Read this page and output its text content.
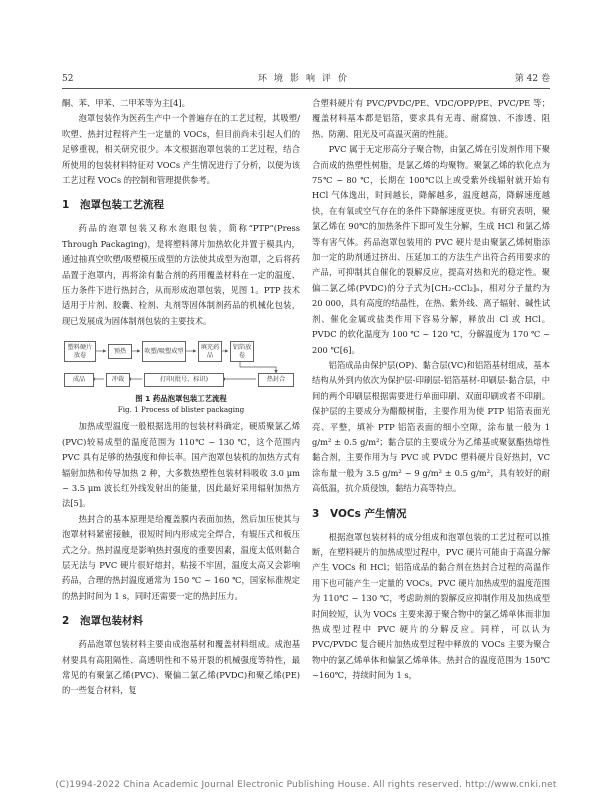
52	环境影响评价	第 42 卷

酮、苯、甲苯、二甲苯等为主[4]。

泡罩包装作为医药生产中一个普遍存在的工艺过程，其吸塑/吹塑、热封过程将产生一定量的 VOCs，但目前尚未引起人们的足够重视，相关研究很少。本文根据泡罩包装的工艺过程，结合所使用的包装材料特征对 VOCs 产生情况进行了分析，以便为该工艺过程 VOCs 的控制和管理提供参考。

1 泡罩包装工艺流程

药品的泡罩包装又称水泡眼包装，简称“PTP”(Press Through Packaging)，是将塑料薄片加热软化并置于模具内，通过抽真空吹塑/吸塑模压成型的方法使其成型为泡罩，之后将药品置于泡罩内，再将涂有黏合剂的药用覆盖材料在一定的温度、压力条件下进行热封合，从而形成泡罩包装，见图 1。PTP 技术适用于片剂、胶囊、栓剂、丸剂等固体制剂药品的机械化包装，现已发展成为固体制剂包装的主要技术。

塑料硬片放卷
预热	吹塑/吸塑成型
填充药品
铝箔放卷
成品	冲裁	打印(批号、标识)	热封合
图 1 药品泡罩包装工艺流程
Fig. 1 Process of blister packaging

加热成型温度一般根据选用的包装材料确定，硬质聚氯乙烯(PVC)较易成型的温度范围为 110℃ ~ 130 ℃，这个范围内 PVC 具有足够的热强度和伸长率。国产泡罩包装机的加热方式有辐射加热和传导加热 2 种，大多数热塑性包装材料吸收 3.0 μm ~ 3.5 μm 波长红外线发射出的能量，因此最好采用辐射加热方法[5]。

热封合的基本原理是给覆盖膜内表面加热，然后加压使其与泡罩材料紧密接触，很短时间内形成完全焊合，有辊压式和板压式之分。热封温度是影响热封强度的重要因素，温度太低则黏合层无法与 PVC 硬片很好熔封，粘接不牢固，温度太高又会影响药品，合理的热封温度通常为 150 ℃ ~ 160 ℃，国家标准规定的热封时间为 1 s，同时还需要一定的热封压力。

2 泡罩包装材料

药品泡罩包装材料主要由成泡基材和覆盖材料组成。成泡基材要具有高阻隔性、高透明性和不易开裂的机械强度等特性，最常见的有聚氯乙烯(PVC)、聚偏二氯乙烯(PVDC)和聚乙烯(PE)的一些复合材料，复

合塑料硬片有 PVC/PVDC/PE、VDC/OPP/PE、PVC/PE 等；覆盖材料基本都是铝箔，要求具有无毒、耐腐蚀、不渗透、阻热、防潮、阻光及可高温灭菌的性能。

PVC 属于无定形高分子聚合物，由氯乙烯在引发剂作用下聚合而成的热塑性树脂，是氯乙烯的均聚物。聚氯乙烯的软化点为 75℃ ~ 80 ℃，长期在 100℃以上或受紫外线辐射就开始有 HCl 气体逸出，时间越长，降解越多，温度越高，降解速度越快，在有氧或空气存在的条件下降解速度更快。有研究表明，聚氯乙烯在 90℃的加热条件下即可发生分解，生成 HCl 和氯乙烯等有害气体。药品泡罩包装用的 PVC 硬片是由聚氯乙烯树脂添加一定的助剂通过挤出、压延加工的方法生产出符合药用要求的产品，可抑制其自催化的裂解反应，提高对热和光的稳定性。聚偏二氯乙烯(PVDC)的分子式为[CH₂-CCl₂]ₙ，相对分子量约为 20 000，具有高度的结晶性，在热、紫外线、离子辐射、碱性试剂、催化金属或盐类作用下容易分解，释放出 Cl 或 HCl。PVDC 的软化温度为 100 ℃ ~ 120 ℃，分解温度为 170 ℃ ~ 200 ℃[6]。

铝箔成品由保护层(OP)、黏合层(VC)和铝箔基材组成，基本结构从外到内依次为保护层-印刷层-铝箔基材-印刷层-黏合层，中间的两个印刷层根据需要进行单面印刷、双面印刷或者不印刷。保护层的主要成分为醋酸树脂，主要作用为使 PTP 铝箔表面光亮、平整，填补 PTP 铝箔表面的细小空隙，涂布量一般为 1 g/m² ± 0.5 g/m²；黏合层的主要成分为乙烯基或聚氨酯热熔性黏合剂，主要作用为与 PVC 或 PVDC 塑料硬片良好热封，VC 涂布量一般为 3.5 g/m² ~ 9 g/m² ± 0.5 g/m²，具有较好的耐高低温，抗介质侵蚀，黏结力高等特点。

3 VOCs 产生情况

根据泡罩包装材料的成分组成和泡罩包装的工艺过程可以推断，在塑料硬片的加热成型过程中，PVC 硬片可能由于高温分解产生 VOCs 和 HCl；铝箔成品的黏合剂在热封合过程的高温作用下也可能产生一定量的 VOCs。PVC 硬片加热成型的温度范围为 110℃ ~ 130 ℃，考虑助剂的裂解反应抑制作用及加热成型时间较短，认为 VOCs 主要来源于聚合物中的氯乙烯单体而非加热成型过程中 PVC 硬片的分解反应。同样，可以认为 PVC/PVDC 复合硬片加热成型过程中释放的 VOCs 主要为聚合物中的氯乙烯单体和偏氯乙烯单体。热封合的温度范围为 150℃ ~160℃，持续时间为 1 s，

(C)1994-2022 China Academic Journal Electronic Publishing House. All rights reserved. http://www.cnki.net
